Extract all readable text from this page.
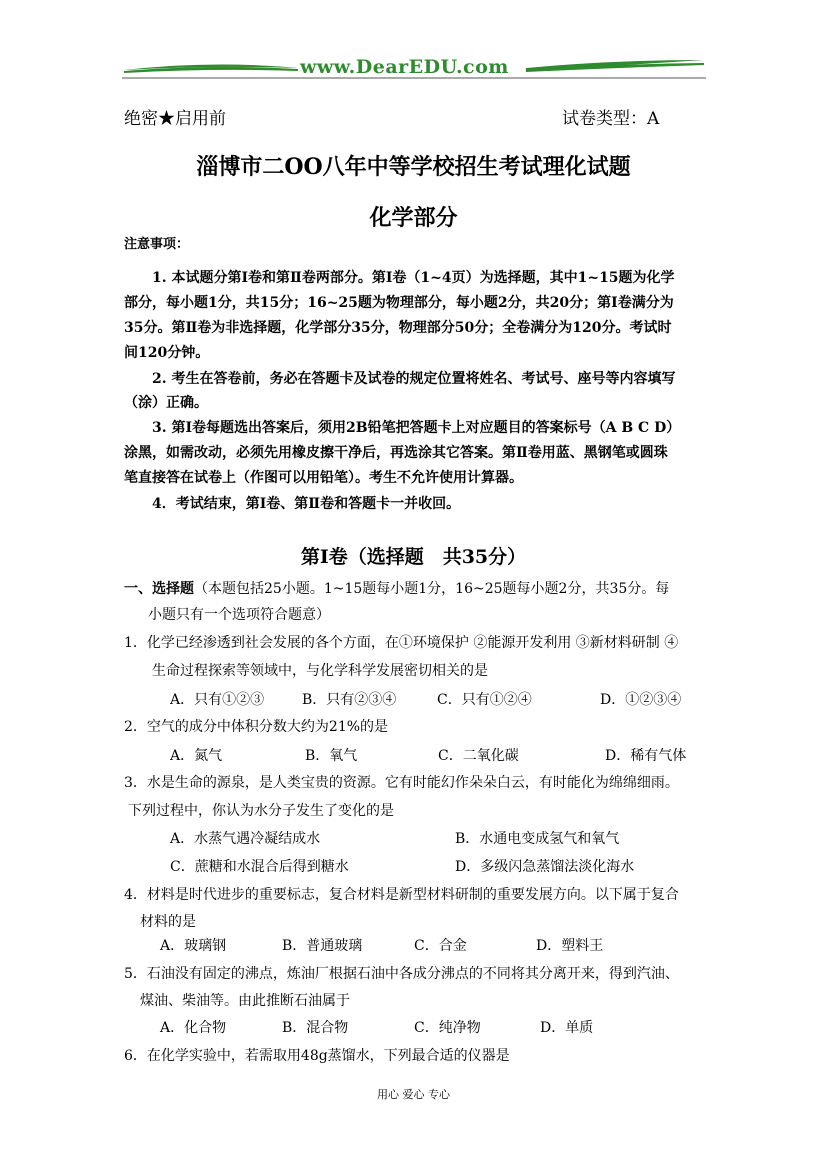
www.DearEDU.com
绝密★启用前	试卷类型：A
淄博市二OO八年中等学校招生考试理化试题
化学部分
注意事项：
1. 本试题分第Ⅰ卷和第Ⅱ卷两部分。第Ⅰ卷（1~4页）为选择题，其中1~15题为化学
部分，每小题1分，共15分；16~25题为物理部分，每小题2分，共20分；第Ⅰ卷满分为
35分。第Ⅱ卷为非选择题，化学部分35分，物理部分50分；全卷满分为120分。考试时
间120分钟。
2. 考生在答卷前，务必在答题卡及试卷的规定位置将姓名、考试号、座号等内容填写
（涂）正确。
3. 第Ⅰ卷每题选出答案后，须用2B铅笔把答题卡上对应题目的答案标号（A B C D）
涂黑，如需改动，必须先用橡皮擦干净后，再选涂其它答案。第Ⅱ卷用蓝、黑钢笔或圆珠
笔直接答在试卷上（作图可以用铅笔）。考生不允许使用计算器。
4．考试结束，第Ⅰ卷、第Ⅱ卷和答题卡一并收回。
第Ⅰ卷（选择题　共35分）
一、选择题（本题包括25小题。1~15题每小题1分，16~25题每小题2分，共35分。每
小题只有一个选项符合题意）
1．化学已经渗透到社会发展的各个方面，在①环境保护 ②能源开发利用 ③新材料研制 ④
生命过程探索等领域中，与化学科学发展密切相关的是
A．只有①②③	B．只有②③④	C．只有①②④	D．①②③④
2．空气的成分中体积分数大约为21%的是
A．氮气	B．氧气	C．二氧化碳	D．稀有气体
3．水是生命的源泉，是人类宝贵的资源。它有时能幻作朵朵白云，有时能化为绵绵细雨。
下列过程中，你认为水分子发生了变化的是
A．水蒸气遇冷凝结成水	B．水通电变成氢气和氧气
C．蔗糖和水混合后得到糖水	D．多级闪急蒸馏法淡化海水
4．材料是时代进步的重要标志，复合材料是新型材料研制的重要发展方向。以下属于复合
材料的是
A．玻璃钢	B．普通玻璃	C．合金	D．塑料王
5．石油没有固定的沸点，炼油厂根据石油中各成分沸点的不同将其分离开来，得到汽油、
煤油、柴油等。由此推断石油属于
A．化合物	B．混合物	C．纯净物	D．单质
6．在化学实验中，若需取用48g蒸馏水，下列最合适的仪器是
用心 爱心 专心
